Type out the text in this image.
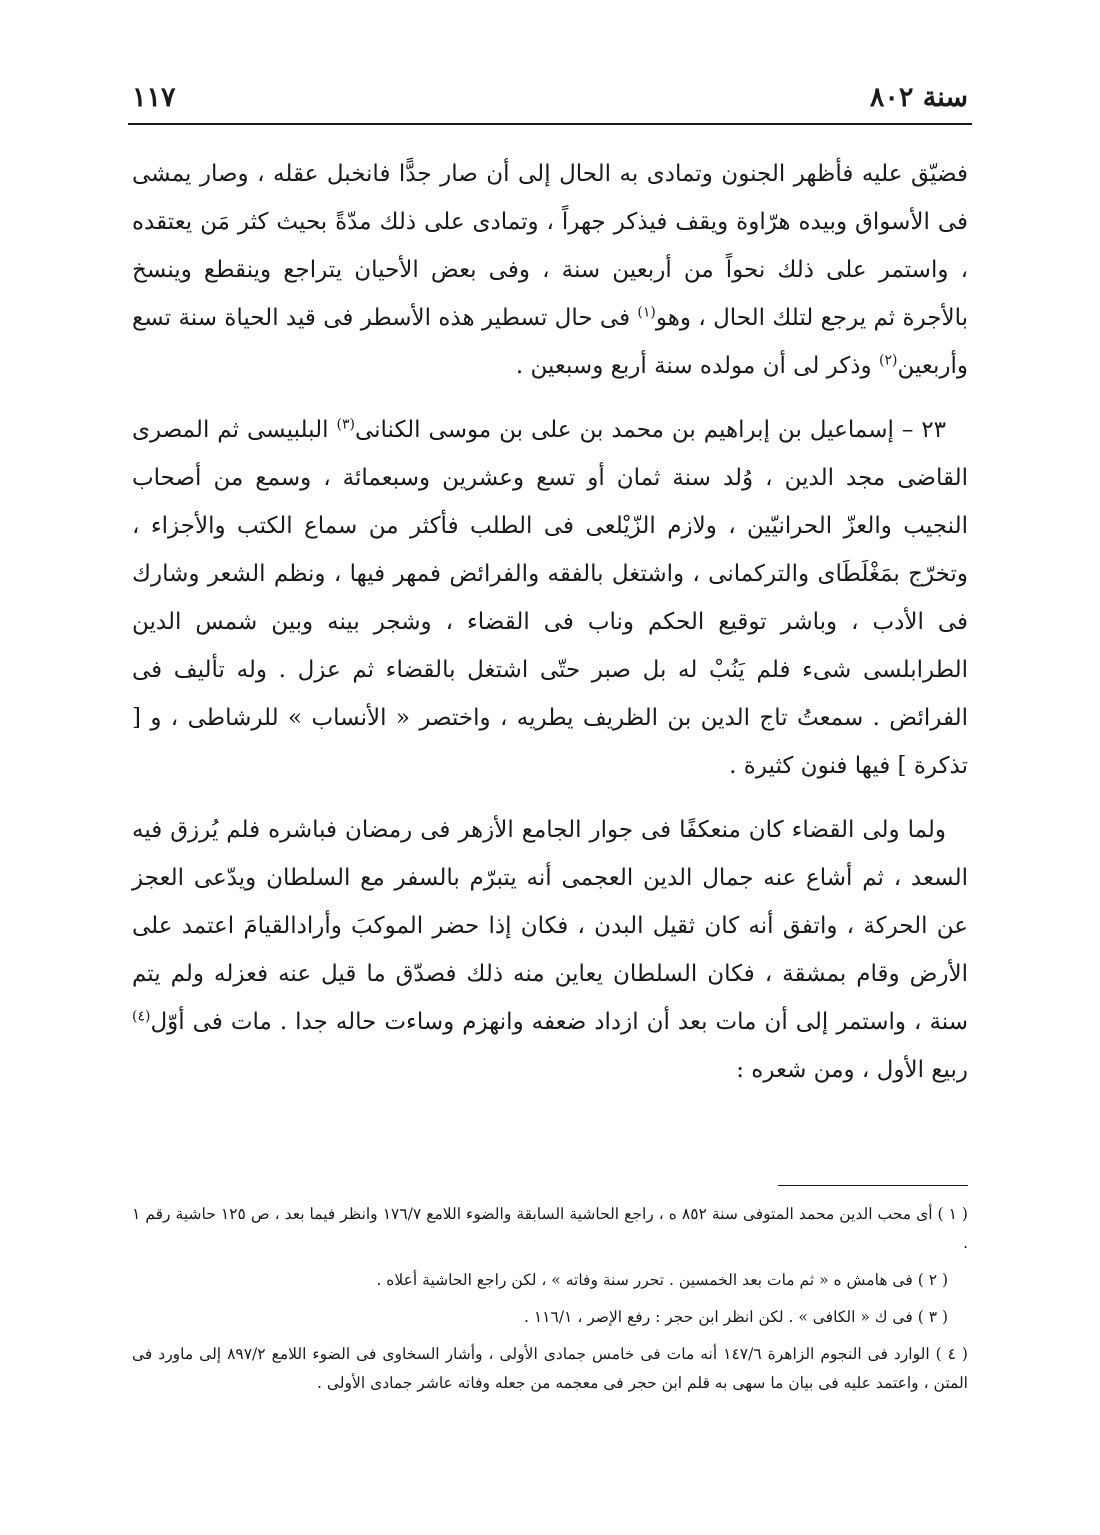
سنة ٨٠٢
١١٧

فضيّق عليه فأظهر الجنون وتمادى به الحال إلى أن صار جدًّا فانخبل عقله ، وصار يمشى فى الأسواق وبيده هرّاوة ويقف فيذكر جهراً ، وتمادى على ذلك مدّةً بحيث كثر مَن يعتقده ، واستمر على ذلك نحواً من أربعين سنة ، وفى بعض الأحيان يتراجع وينقطع وينسخ بالأجرة ثم يرجع لتلك الحال ، وهو$^{(١)}$ فى حال تسطير هذه الأسطر فى قيد الحياة سنة تسع وأربعين$^{(٢)}$ وذكر لى أن مولده سنة أربع وسبعين .

٢٣ – إسماعيل بن إبراهيم بن محمد بن على بن موسى الكنانى$^{(٣)}$ البلبيسى ثم المصرى القاضى مجد الدين ، وُلد سنة ثمان أو تسع وعشرين وسبعمائة ، وسمع من أصحاب النجيب والعزّ الحرانيّين ، ولازم الزّيْلعى فى الطلب فأكثر من سماع الكتب والأجزاء ، وتخرّج بمَغْلَطَاى والتركمانى ، واشتغل بالفقه والفرائض فمهر فيها ، ونظم الشعر وشارك فى الأدب ، وباشر توقيع الحكم وناب فى القضاء ، وشجر بينه وبين شمس الدين الطرابلسى شىء فلم يَنُبْ له بل صبر حتّى اشتغل بالقضاء ثم عزل . وله تأليف فى الفرائض . سمعتُ تاج الدين بن الظريف يطريه ، واختصر « الأنساب » للرشاطى ، و [ تذكرة ] فيها فنون كثيرة .

ولما ولى القضاء كان منعكفًا فى جوار الجامع الأزهر فى رمضان فباشره فلم يُرزق فيه السعد ، ثم أشاع عنه جمال الدين العجمى أنه يتبرّم بالسفر مع السلطان ويدّعى العجز عن الحركة ، واتفق أنه كان ثقيل البدن ، فكان إذا حضر الموكبَ وأرادالقيامَ اعتمد على الأرض وقام بمشقة ، فكان السلطان يعاين منه ذلك فصدّق ما قيل عنه فعزله ولم يتم سنة ، واستمر إلى أن مات بعد أن ازداد ضعفه وانهزم وساءت حاله جدا . مات فى أوّل$^{(٤)}$ ربيع الأول ، ومن شعره :

( ١ ) أى محب الدين محمد المتوفى سنة ٨٥٢ ه ، راجع الحاشية السابقة والضوء اللامع ١٧٦/٧ وانظر فيما بعد ، ص ١٢٥ حاشية رقم ١ .

( ٢ ) فى هامش ه « ثم مات بعد الخمسين . تحرر سنة وفاته » ، لكن راجع الحاشية أعلاه .

( ٣ ) فى ك « الكافى » . لكن انظر ابن حجر : رفع الإصر ، ١١٦/١ .

( ٤ ) الوارد فى النجوم الزاهرة ١٤٧/٦ أنه مات فى خامس جمادى الأولى ، وأشار السخاوى فى الضوء اللامع ٨٩٧/٢ إلى ماورد فى المتن ، واعتمد عليه فى بيان ما سهى به قلم ابن حجر فى معجمه من جعله وفاته عاشر جمادى الأولى .
